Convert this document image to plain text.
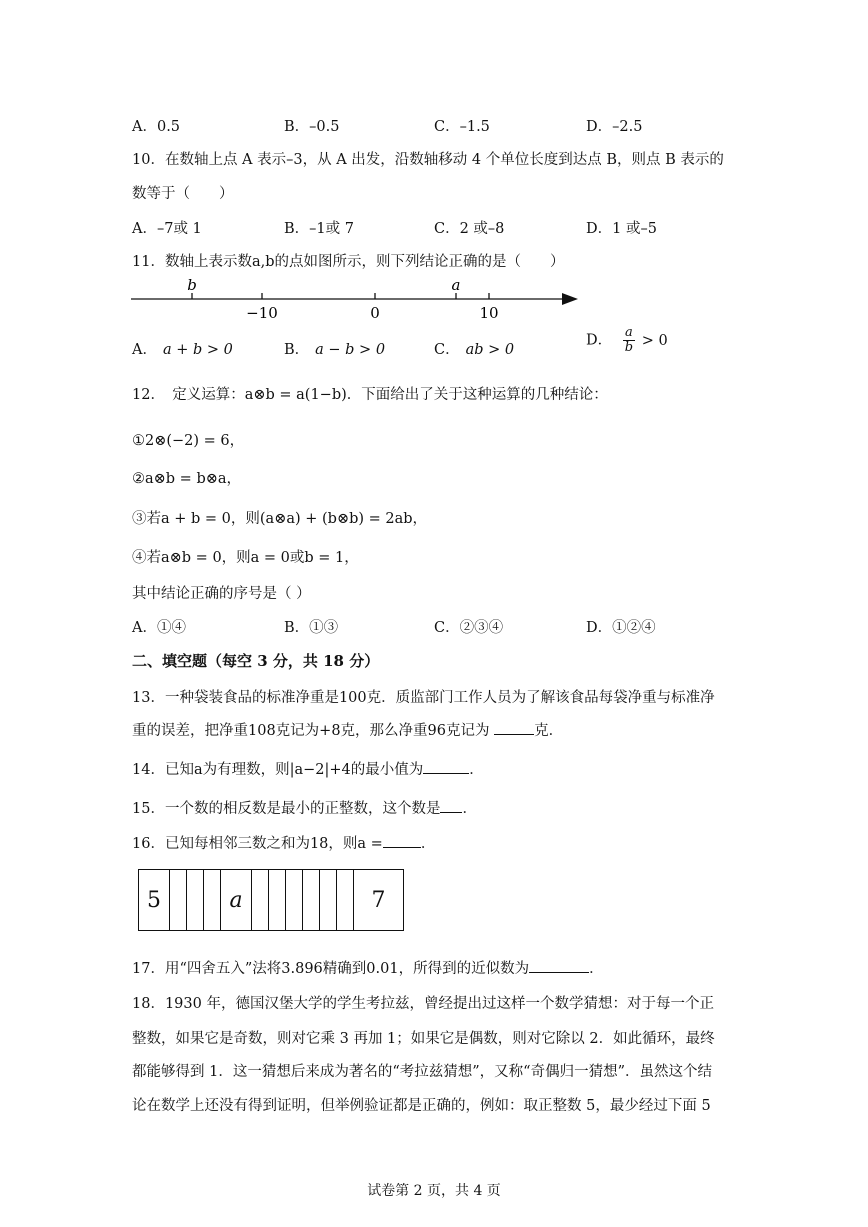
A．0.5	B．–0.5	C．–1.5	D．–2.5
10．在数轴上点 A 表示–3，从 A 出发，沿数轴移动 4 个单位长度到达点 B，则点 B 表示的
数等于（　　）
A．–7或 1	B．–1或 7	C．2 或–8	D．1 或–5
11．数轴上表示数a,b的点如图所示，则下列结论正确的是（　　）
b	a
−10	0	10
A． a + b > 0	B． a − b > 0	C． ab > 0
D． $\frac{a}{b} > 0$
12．　定义运算：a⊗b = a(1−b)．下面给出了关于这种运算的几种结论：
①2⊗(−2) = 6，
②a⊗b = b⊗a，
③若a + b = 0，则(a⊗a) + (b⊗b) = 2ab，
④若a⊗b = 0，则a = 0或b = 1，
其中结论正确的序号是（ ）
A．①④	B．①③	C．②③④	D．①②④
二、填空题（每空 3 分，共 18 分）
13．一种袋装食品的标准净重是100克．质监部门工作人员为了解该食品每袋净重与标准净
重的误差，把净重108克记为+8克，那么净重96克记为	克．
14．已知a为有理数，则|a−2|+4的最小值为	．
15．一个数的相反数是最小的正整数，这个数是 ．
16．已知每相邻三数之和为18，则a =	．
5	a	7
17．用“四舍五入”法将3.896精确到0.01，所得到的近似数为	．
18．1930 年，德国汉堡大学的学生考拉兹，曾经提出过这样一个数学猜想：对于每一个正
整数，如果它是奇数，则对它乘 3 再加 1；如果它是偶数，则对它除以 2．如此循环，最终
都能够得到 1．这一猜想后来成为著名的“考拉兹猜想”，又称“奇偶归一猜想”．虽然这个结
论在数学上还没有得到证明，但举例验证都是正确的，例如：取正整数 5，最少经过下面 5
试卷第 2 页，共 4 页
